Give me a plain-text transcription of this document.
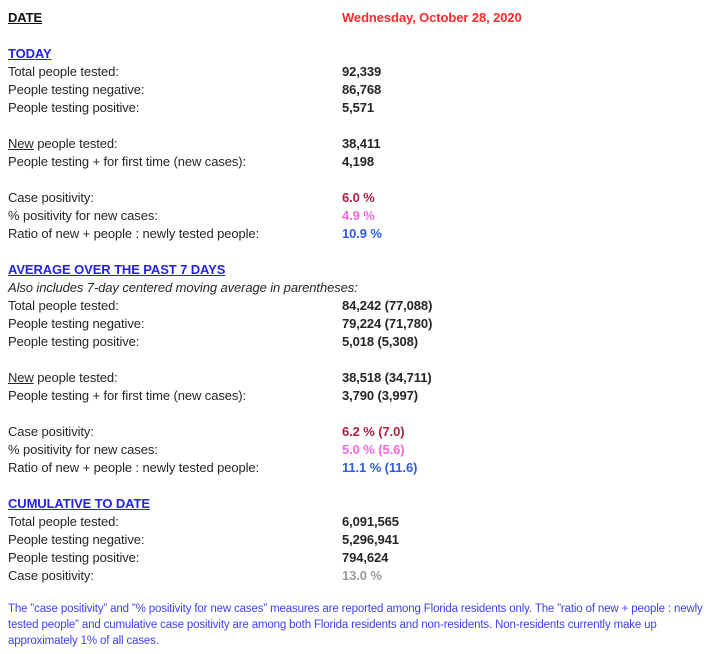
DATE	Wednesday, October 28, 2020
TODAY
Total people tested:	92,339
People testing negative:	86,768
People testing positive:	5,571
New people tested:	38,411
People testing + for first time (new cases):	4,198
Case positivity:	6.0 %
% positivity for new cases:	4.9 %
Ratio of new + people : newly tested people:	10.9 %
AVERAGE OVER THE PAST 7 DAYS
Also includes 7-day centered moving average in parentheses:
Total people tested:	84,242 (77,088)
People testing negative:	79,224 (71,780)
People testing positive:	5,018 (5,308)
New people tested:	38,518 (34,711)
People testing + for first time (new cases):	3,790 (3,997)
Case positivity:	6.2 % (7.0)
% positivity for new cases:	5.0 % (5.6)
Ratio of new + people : newly tested people:	11.1 % (11.6)
CUMULATIVE TO DATE
Total people tested:	6,091,565
People testing negative:	5,296,941
People testing positive:	794,624
Case positivity:	13.0 %
The ”case positivity” and ”% positivity for new cases” measures are reported among Florida residents only. The ”ratio of new + people : newly tested people” and cumulative case positivity are among both Florida residents and non-residents. Non-residents currently make up approximately 1% of all cases.
